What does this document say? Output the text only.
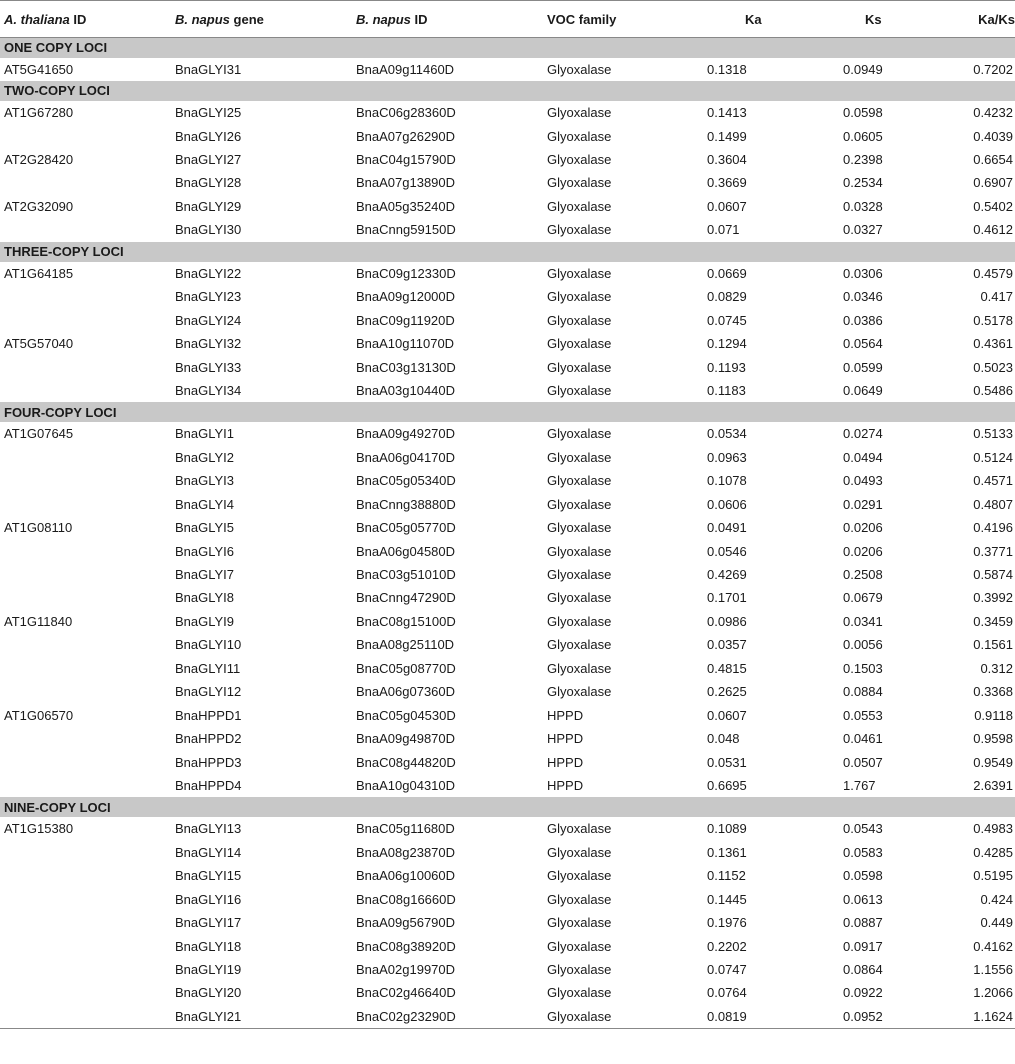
A. thaliana ID	B. napus gene	B. napus ID	VOC family	Ka	Ks	Ka/Ks
ONE COPY LOCI						
AT5G41650	BnaGLYI31	BnaA09g11460D	Glyoxalase	0.1318	0.0949	0.7202
TWO-COPY LOCI						
AT1G67280	BnaGLYI25	BnaC06g28360D	Glyoxalase	0.1413	0.0598	0.4232
	BnaGLYI26	BnaA07g26290D	Glyoxalase	0.1499	0.0605	0.4039
AT2G28420	BnaGLYI27	BnaC04g15790D	Glyoxalase	0.3604	0.2398	0.6654
	BnaGLYI28	BnaA07g13890D	Glyoxalase	0.3669	0.2534	0.6907
AT2G32090	BnaGLYI29	BnaA05g35240D	Glyoxalase	0.0607	0.0328	0.5402
	BnaGLYI30	BnaCnng59150D	Glyoxalase	0.071	0.0327	0.4612
THREE-COPY LOCI						
AT1G64185	BnaGLYI22	BnaC09g12330D	Glyoxalase	0.0669	0.0306	0.4579
	BnaGLYI23	BnaA09g12000D	Glyoxalase	0.0829	0.0346	0.417
	BnaGLYI24	BnaC09g11920D	Glyoxalase	0.0745	0.0386	0.5178
AT5G57040	BnaGLYI32	BnaA10g11070D	Glyoxalase	0.1294	0.0564	0.4361
	BnaGLYI33	BnaC03g13130D	Glyoxalase	0.1193	0.0599	0.5023
	BnaGLYI34	BnaA03g10440D	Glyoxalase	0.1183	0.0649	0.5486
FOUR-COPY LOCI						
AT1G07645	BnaGLYI1	BnaA09g49270D	Glyoxalase	0.0534	0.0274	0.5133
	BnaGLYI2	BnaA06g04170D	Glyoxalase	0.0963	0.0494	0.5124
	BnaGLYI3	BnaC05g05340D	Glyoxalase	0.1078	0.0493	0.4571
	BnaGLYI4	BnaCnng38880D	Glyoxalase	0.0606	0.0291	0.4807
AT1G08110	BnaGLYI5	BnaC05g05770D	Glyoxalase	0.0491	0.0206	0.4196
	BnaGLYI6	BnaA06g04580D	Glyoxalase	0.0546	0.0206	0.3771
	BnaGLYI7	BnaC03g51010D	Glyoxalase	0.4269	0.2508	0.5874
	BnaGLYI8	BnaCnng47290D	Glyoxalase	0.1701	0.0679	0.3992
AT1G11840	BnaGLYI9	BnaC08g15100D	Glyoxalase	0.0986	0.0341	0.3459
	BnaGLYI10	BnaA08g25110D	Glyoxalase	0.0357	0.0056	0.1561
	BnaGLYI11	BnaC05g08770D	Glyoxalase	0.4815	0.1503	0.312
	BnaGLYI12	BnaA06g07360D	Glyoxalase	0.2625	0.0884	0.3368
AT1G06570	BnaHPPD1	BnaC05g04530D	HPPD	0.0607	0.0553	0.9118
	BnaHPPD2	BnaA09g49870D	HPPD	0.048	0.0461	0.9598
	BnaHPPD3	BnaC08g44820D	HPPD	0.0531	0.0507	0.9549
	BnaHPPD4	BnaA10g04310D	HPPD	0.6695	1.767	2.6391
NINE-COPY LOCI						
AT1G15380	BnaGLYI13	BnaC05g11680D	Glyoxalase	0.1089	0.0543	0.4983
	BnaGLYI14	BnaA08g23870D	Glyoxalase	0.1361	0.0583	0.4285
	BnaGLYI15	BnaA06g10060D	Glyoxalase	0.1152	0.0598	0.5195
	BnaGLYI16	BnaC08g16660D	Glyoxalase	0.1445	0.0613	0.424
	BnaGLYI17	BnaA09g56790D	Glyoxalase	0.1976	0.0887	0.449
	BnaGLYI18	BnaC08g38920D	Glyoxalase	0.2202	0.0917	0.4162
	BnaGLYI19	BnaA02g19970D	Glyoxalase	0.0747	0.0864	1.1556
	BnaGLYI20	BnaC02g46640D	Glyoxalase	0.0764	0.0922	1.2066
	BnaGLYI21	BnaC02g23290D	Glyoxalase	0.0819	0.0952	1.1624
